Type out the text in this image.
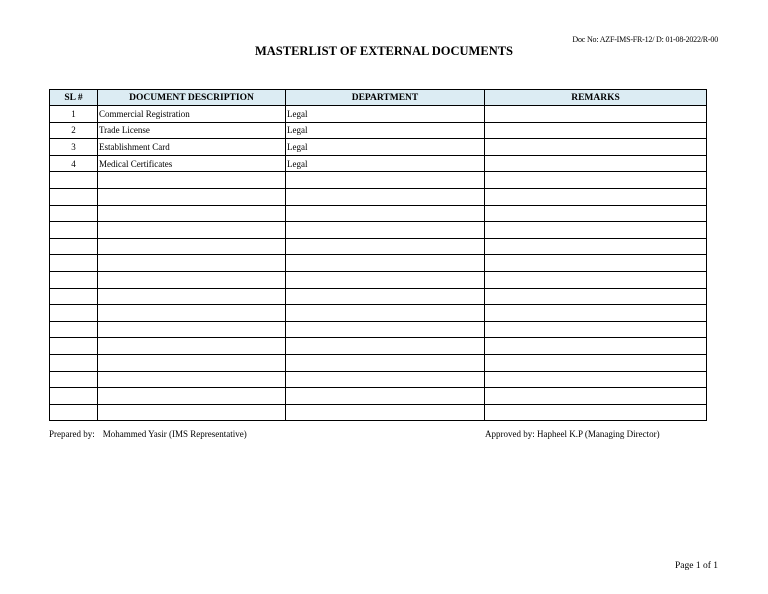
Doc No: AZF-IMS-FR-12/ D: 01-08-2022/R-00
MASTERLIST OF EXTERNAL DOCUMENTS
SL #	DOCUMENT DESCRIPTION	DEPARTMENT	REMARKS
1	Commercial Registration	Legal	
2	Trade License	Legal	
3	Establishment Card	Legal	
4	Medical Certificates	Legal	

Prepared by: Mohammed Yasir (IMS Representative)	Approved by: Hapheel K.P (Managing Director)
Page 1 of 1
